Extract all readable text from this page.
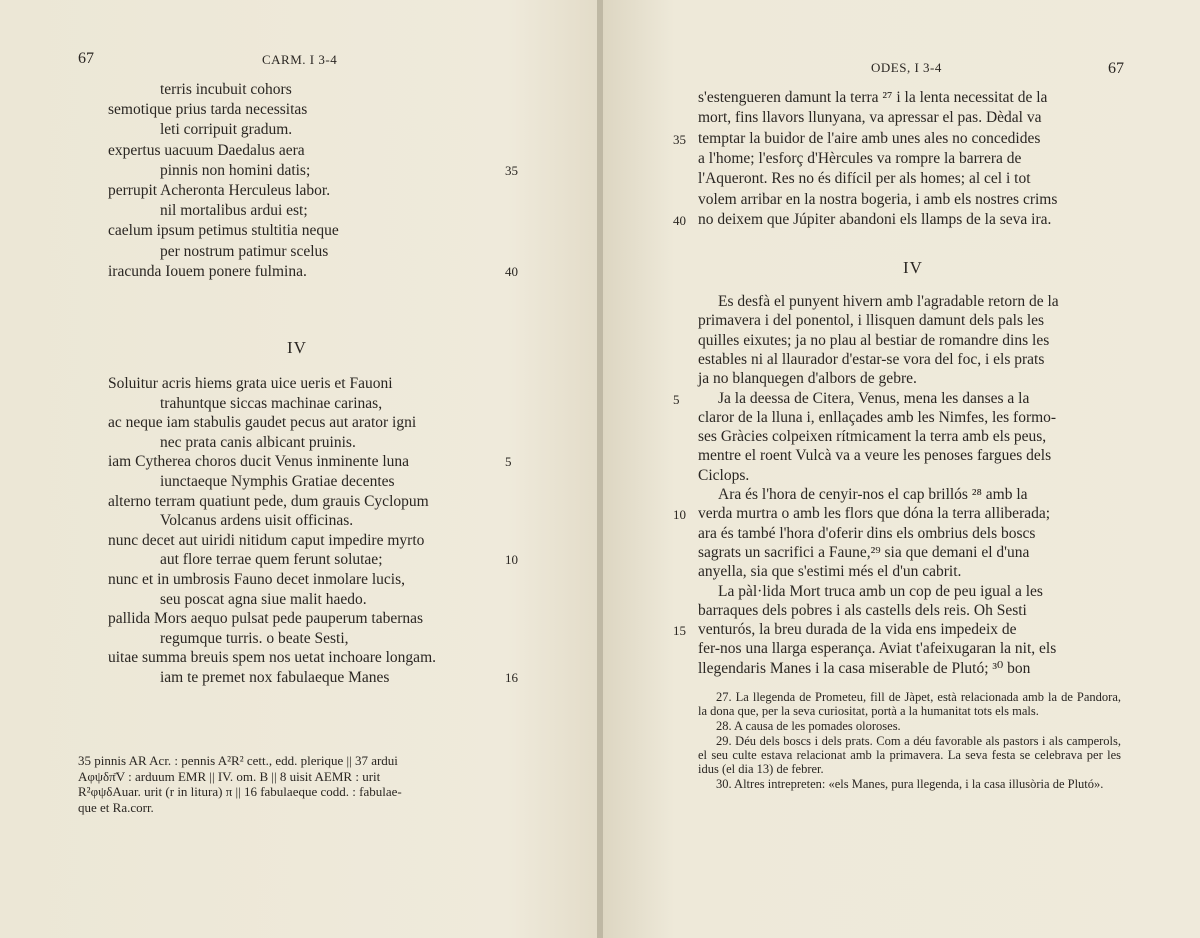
67	CARM. I 3-4
terris incubuit cohors
semotique prius tarda necessitas
leti corripuit gradum.
expertus uacuum Daedalus aera
pinnis non homini datis;	35
perrupit Acheronta Herculeus labor.
nil mortalibus ardui est;
caelum ipsum petimus stultitia neque
per nostrum patimur scelus
iracunda Iouem ponere fulmina.	40
IV
Soluitur acris hiems grata uice ueris et Fauoni
trahuntque siccas machinae carinas,
ac neque iam stabulis gaudet pecus aut arator igni
nec prata canis albicant pruinis.
iam Cytherea choros ducit Venus inminente luna	5
iunctaeque Nymphis Gratiae decentes
alterno terram quatiunt pede, dum grauis Cyclopum
Volcanus ardens uisit officinas.
nunc decet aut uiridi nitidum caput impedire myrto
aut flore terrae quem ferunt solutae;	10
nunc et in umbrosis Fauno decet inmolare lucis,
seu poscat agna siue malit haedo.
pallida Mors aequo pulsat pede pauperum tabernas
regumque turris. o beate Sesti,
uitae summa breuis spem nos uetat inchoare longam.
iam te premet nox fabulaeque Manes	16
35 pinnis AR Acr. : pennis A²R² cett., edd. plerique || 37 ardui
Aφψδπ̄V : arduum EMR || IV. om. B || 8 uisit AEMR : urit
R²φψδAuar. urit (r in litura) π || 16 fabulaeque codd. : fabulae-
que et Ra.corr.
ODES, I 3-4	67
s'estengueren damunt la terra ²⁷ i la lenta necessitat de la
mort, fins llavors llunyana, va apressar el pas. Dèdal va
temptar la buidor de l'aire amb unes ales no concedides
35
a l'home; l'esforç d'Hèrcules va rompre la barrera de
l'Aqueront. Res no és difícil per als homes; al cel i tot
volem arribar en la nostra bogeria, i amb els nostres crims
no deixem que Júpiter abandoni els llamps de la seva ira.
40
IV
Es desfà el punyent hivern amb l'agradable retorn de la
primavera i del ponentol, i llisquen damunt dels pals les
quilles eixutes; ja no plau al bestiar de romandre dins les
estables ni al llaurador d'estar-se vora del foc, i els prats
ja no blanquegen d'albors de gebre.
Ja la deessa de Citera, Venus, mena les danses a la
5
claror de la lluna i, enllaçades amb les Nimfes, les formo-
ses Gràcies colpeixen rítmicament la terra amb els peus,
mentre el roent Vulcà va a veure les penoses fargues dels
Ciclops.
Ara és l'hora de cenyir-nos el cap brillós ²⁸ amb la
verda murtra o amb les flors que dóna la terra alliberada;
10
ara és també l'hora d'oferir dins els ombrius dels boscs
sagrats un sacrifici a Faune,²⁹ sia que demani el d'una
anyella, sia que s'estimi més el d'un cabrit.
La pàl·lida Mort truca amb un cop de peu igual a les
barraques dels pobres i als castells dels reis. Oh Sesti
venturós, la breu durada de la vida ens impedeix de
15
fer-nos una llarga esperança. Aviat t'afeixugaran la nit, els
llegendaris Manes i la casa miserable de Plutó; ³⁰ bon

27. La llegenda de Prometeu, fill de Jàpet, està relacionada amb la de Pandora, la dona que, per la seva curiositat, portà a la humanitat tots els mals.

28. A causa de les pomades oloroses.

29. Déu dels boscs i dels prats. Com a déu favorable als pastors i als camperols, el seu culte estava relacionat amb la primavera. La seva festa se celebrava per les idus (el dia 13) de febrer.

30. Altres intrepreten: «els Manes, pura llegenda, i la casa illusòria de Plutó».
